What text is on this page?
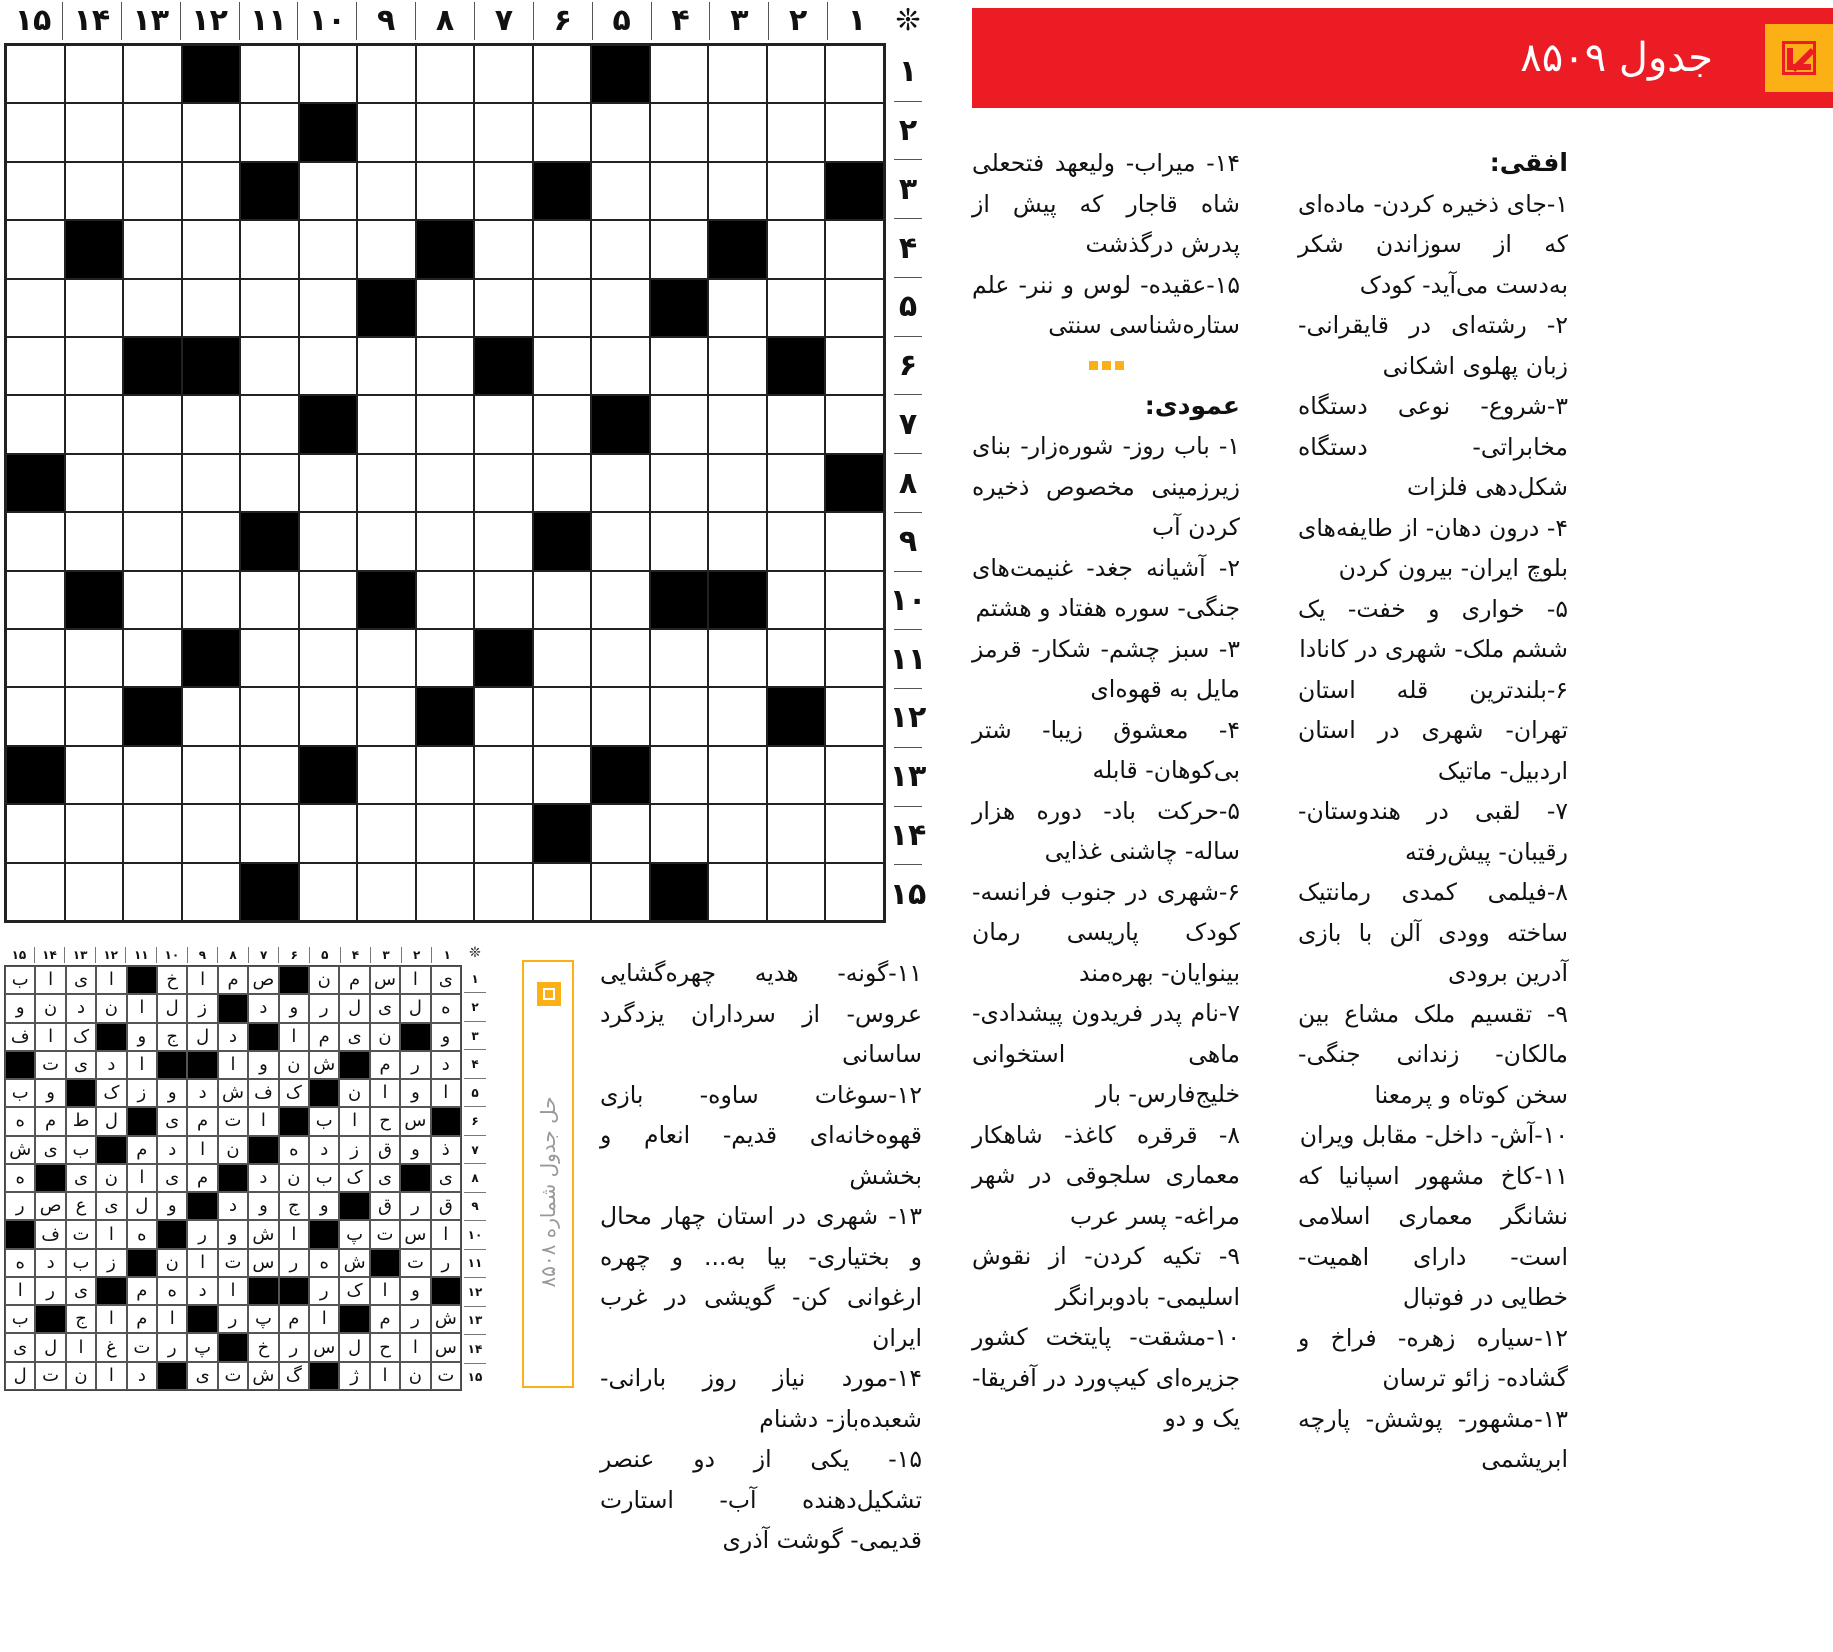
۱
۲
۳
۴
۵
۶
۷
۸
۹
۱۰
۱۱
۱۲
۱۳
۱۴
۱۵	❊
۱
۲
۳
۴
۵
۶
۷
۸
۹
۱۰
۱۱
۱۲
۱۳
۱۴
۱۵
جدول ۸۵۰۹
افقی:
۱-جای ذخیره کردن- ماده‌ای که از سوزاندن شکر به‌دست می‌آید- کودک
۲- رشته‌ای در قایقرانی- زبان پهلوی اشکانی
۳-شروع- نوعی دستگاه مخابراتی- دستگاه شکل‌دهی فلزات
۴- درون دهان- از طایفه‌های بلوچ ایران- بیرون کردن
۵- خواری و خفت- یک ششم ملک- شهری در کانادا
۶-بلندترین قله استان تهران- شهری در استان اردبیل- ماتیک
۷- لقبی در هندوستان- رقیبان- پیش‌رفته
۸-فیلمی کمدی رمانتیک ساخته وودی آلن با بازی آدرین برودی
۹- تقسیم ملک مشاع بین مالکان- زندانی جنگی- سخن کوتاه و پرمعنا
۱۰-آش- داخل- مقابل ویران
۱۱-کاخ مشهور اسپانیا که نشانگر معماری اسلامی است- دارای اهمیت- خطایی در فوتبال
۱۲-سیاره زهره- فراخ و گشاده- زائو ترسان
۱۳-مشهور- پوشش- پارچه ابریشمی
۱۴- میراب- ولیعهد فتحعلی شاه قاجار که پیش از پدرش درگذشت
۱۵-عقیده- لوس و ننر- علم ستاره‌شناسی سنتی
عمودی:
۱- باب روز- شوره‌زار- بنای زیرزمینی مخصوص ذخیره کردن آب
۲- آشیانه جغد- غنیمت‌های جنگی- سوره هفتاد و هشتم
۳- سبز چشم- شکار- قرمز مایل به قهوه‌ای
۴- معشوق زیبا- شتر بی‌کوهان- قابله
۵-حرکت باد- دوره هزار ساله- چاشنی غذایی
۶-شهری در جنوب فرانسه- کودک پاریسی رمان بینوایان- بهره‌مند
۷-نام پدر فریدون پیشدادی- ماهی استخوانی خلیج‌فارس- بار
۸- قرقره کاغذ- شاهکار معماری سلجوقی در شهر مراغه- پسر عرب
۹- تکیه کردن- از نقوش اسلیمی- بادوبرانگر
۱۰-مشقت- پایتخت کشور جزیره‌ای کیپ‌ورد در آفریقا- یک و دو
۱۱-گونه- هدیه چهره‌گشایی عروس- از سرداران یزدگرد ساسانی
۱۲-سوغات ساوه- بازی قهوه‌خانه‌ای قدیم- انعام و بخشش
۱۳- شهری در استان چهار محال و بختیاری- بیا به... و چهره ارغوانی کن- گویشی در غرب ایران
۱۴-مورد نیاز روز بارانی- شعبده‌باز- دشنام
۱۵- یکی از دو عنصر تشکیل‌دهنده آب- استارت قدیمی- گوشت آذری
حل جدول شماره ۸۵۰۸
۱
۲
۳
۴
۵
۶
۷
۸
۹
۱۰
۱۱
۱۲
۱۳
۱۴
۱۵	❊
ی
ا
س
م
ن
ص
م
ا
خ
ا
ی
ا
ب
ه
ل
ی
ل
ر
و
د
ز
ل
ا
ن
د
ن
و
و
ن
ی
م
ا
د
ل
ج
و
ک
ا
ف
د
ر
م
ش
ن
و
ا
ا
د
ی
ت
ا
و
ا
ن
ک
ف
ش
د
و
ز
ک
و
ب
س
ح
ا
ب
ا
ت
م
ی
ل
ط
م
ه
ذ
و
ق
ز
د
ه
ن
ا
د
م
ب
ی
ش
ی
ی
ک
ب
ن
د
م
ی
ا
ن
ی
ه
ق
ر
ق
و
ج
و
د
و
ل
ی
ع
ص
ر
ا
س
ت
پ
ا
ش
و
ر
ه
ا
ت
ف
ر
ت
ش
ه
ر
س
ت
ا
ن
ز
ب
د
ه
و
ا
ک
ر
ا
د
ه
م
ی
ر
ا
ش
ر
م
ا
م
پ
ر
ا
م
ا
ج
ب
س
ا
ح
ل
س
ر
خ
پ
ر
ت
غ
ا
ل
ی
ت
ن
ا
ژ
گ
ش
ت
ی
د
ا
ن
ت
ل
۱
۲
۳
۴
۵
۶
۷
۸
۹
۱۰
۱۱
۱۲
۱۳
۱۴
۱۵
